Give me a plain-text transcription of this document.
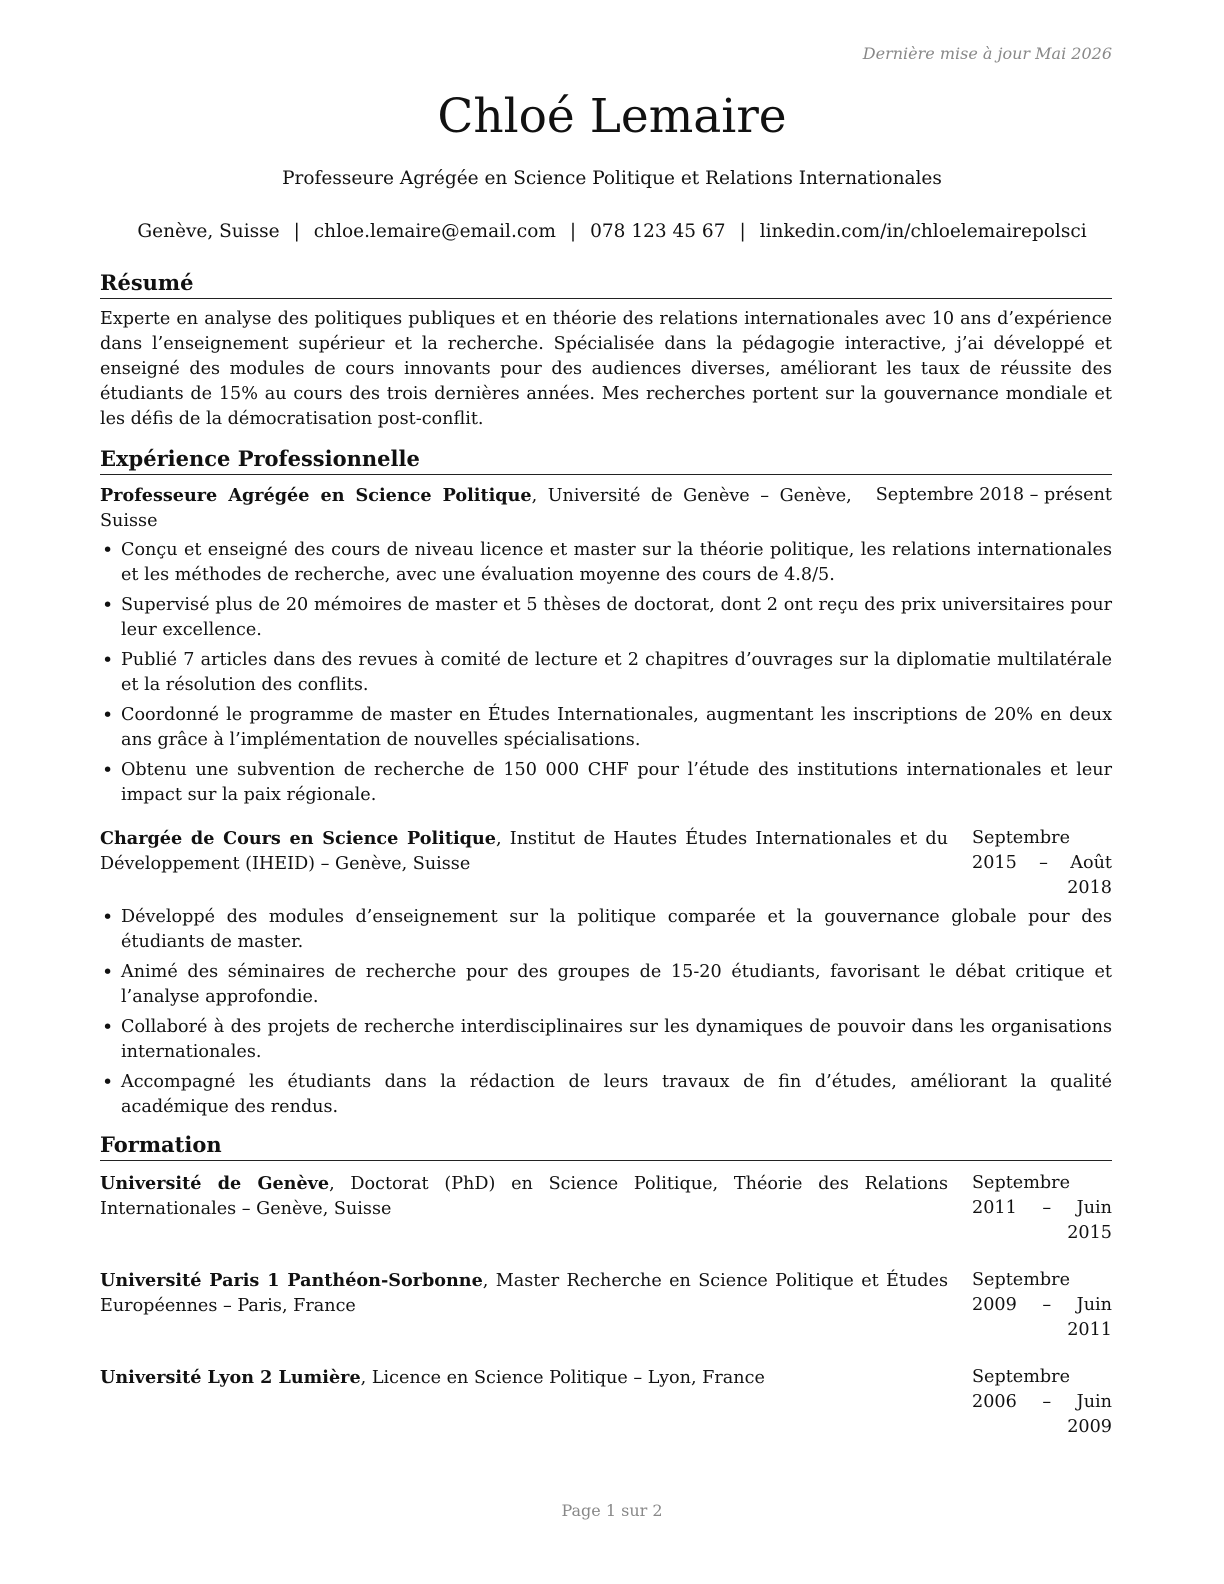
Dernière mise à jour Mai 2026
Chloé Lemaire
Professeure Agrégée en Science Politique et Relations Internationales
Genève, Suisse | chloe.lemaire@email.com | 078 123 45 67 | linkedin.com/in/chloelemairepolsci
Résumé
Experte en analyse des politiques publiques et en théorie des relations internationales avec 10 ans d’expérience dans l’enseignement supérieur et la recherche. Spécialisée dans la pédagogie interactive, j’ai développé et enseigné des modules de cours innovants pour des audiences diverses, améliorant les taux de réussite des étudiants de 15% au cours des trois dernières années. Mes recherches portent sur la gouvernance mondiale et les défis de la démocratisation post-conflit.
Expérience Professionnelle
Professeure Agrégée en Science Politique, Université de Genève – Genève, Suisse
Septembre 2018 – présent
• Conçu et enseigné des cours de niveau licence et master sur la théorie politique, les relations internationales et les méthodes de recherche, avec une évaluation moyenne des cours de 4.8/5.
• Supervisé plus de 20 mémoires de master et 5 thèses de doctorat, dont 2 ont reçu des prix universitaires pour leur excellence.
• Publié 7 articles dans des revues à comité de lecture et 2 chapitres d’ouvrages sur la diplomatie multilatérale et la résolution des conflits.
• Coordonné le programme de master en Études Internationales, augmentant les inscriptions de 20% en deux ans grâce à l’implémentation de nouvelles spécialisations.
• Obtenu une subvention de recherche de 150 000 CHF pour l’étude des institutions internationales et leur impact sur la paix régionale.
Chargée de Cours en Science Politique, Institut de Hautes Études Internationales et du Développement (IHEID) – Genève, Suisse
Septembre 2015 – Août 2018
• Développé des modules d’enseignement sur la politique comparée et la gouvernance globale pour des étudiants de master.
• Animé des séminaires de recherche pour des groupes de 15-20 étudiants, favorisant le débat critique et l’analyse approfondie.
• Collaboré à des projets de recherche interdisciplinaires sur les dynamiques de pouvoir dans les organisations internationales.
• Accompagné les étudiants dans la rédaction de leurs travaux de fin d’études, améliorant la qualité académique des rendus.
Formation
Université de Genève, Doctorat (PhD) en Science Politique, Théorie des Relations Internationales – Genève, Suisse
Septembre 2011 – Juin 2015
Université Paris 1 Panthéon-Sorbonne, Master Recherche en Science Politique et Études Européennes – Paris, France
Septembre 2009 – Juin 2011
Université Lyon 2 Lumière, Licence en Science Politique – Lyon, France	Septembre 2006 – Juin 2009
Page 1 sur 2
